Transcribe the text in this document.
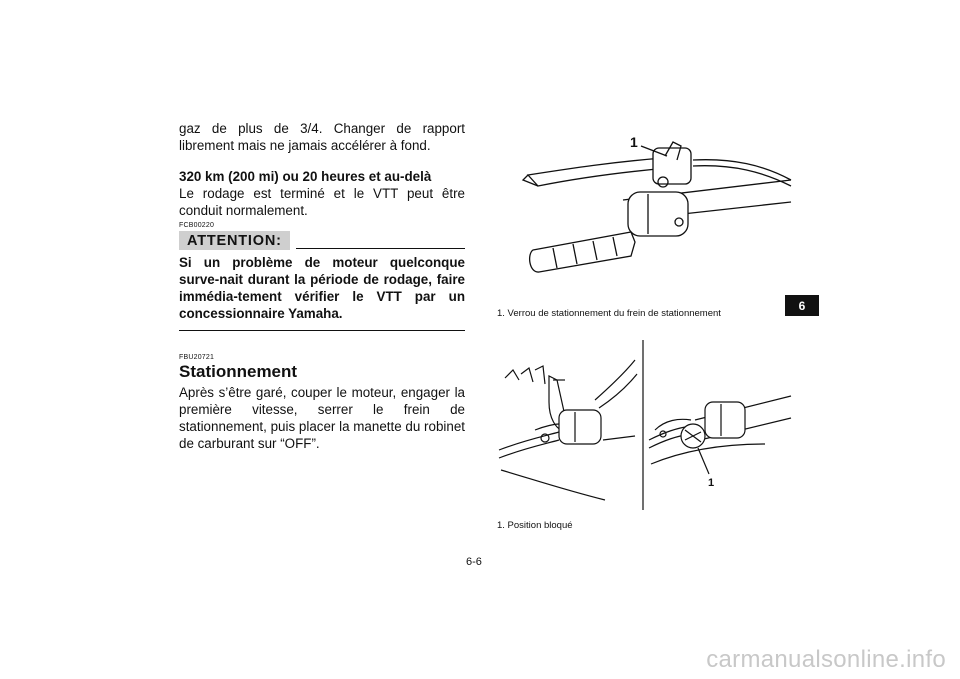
gaz de plus de 3/4. Changer de rapport librement mais ne jamais accélérer à fond.

320 km (200 mi) ou 20 heures et au-delà

Le rodage est terminé et le VTT peut être conduit normalement.

FCB00220
ATTENTION:

Si un problème de moteur quelconque surve-nait durant la période de rodage, faire immédia-tement vérifier le VTT par un concessionnaire Yamaha.

FBU20721
Stationnement

Après s’être garé, couper le moteur, engager la première vitesse, serrer le frein de stationnement, puis placer la manette du robinet de carburant sur “OFF”.

1
1. Verrou de stationnement du frein de stationnement
1
1. Position bloqué
6-6
6
carmanualsonline.info
